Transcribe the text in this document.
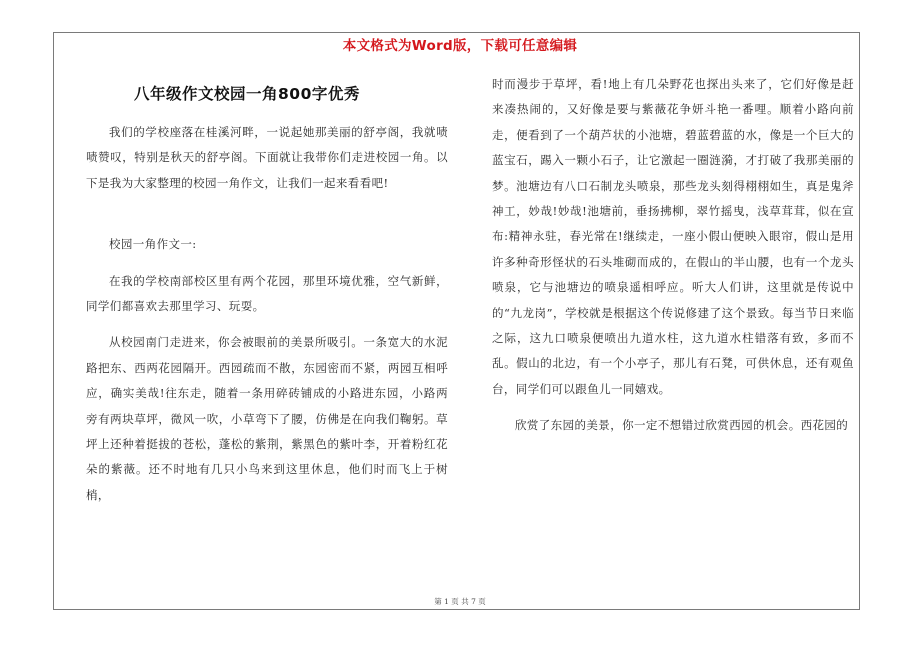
本文格式为Word版，下载可任意编辑
八年级作文校园一角800字优秀

我们的学校座落在桂溪河畔，一说起她那美丽的舒亭阁，我就啧啧赞叹，特别是秋天的舒亭阁。下面就让我带你们走进校园一角。以下是我为大家整理的校园一角作文，让我们一起来看看吧!

校园一角作文一:

在我的学校南部校区里有两个花园，那里环境优雅，空气新鲜，同学们都喜欢去那里学习、玩耍。

从校园南门走进来，你会被眼前的美景所吸引。一条宽大的水泥路把东、西两花园隔开。西园疏而不散，东园密而不紧，两园互相呼应，确实美哉!往东走，随着一条用碎砖铺成的小路进东园，小路两旁有两块草坪，微风一吹，小草弯下了腰，仿佛是在向我们鞠躬。草坪上还种着挺拔的苍松，蓬松的紫荆，紫黑色的紫叶李，开着粉红花朵的紫薇。还不时地有几只小鸟来到这里休息，他们时而飞上于树梢，

时而漫步于草坪，看!地上有几朵野花也探出头来了，它们好像是赶来凑热闹的，又好像是要与紫薇花争妍斗艳一番哩。顺着小路向前走，便看到了一个葫芦状的小池塘，碧蓝碧蓝的水，像是一个巨大的蓝宝石，踢入一颗小石子，让它激起一圈涟漪，才打破了我那美丽的梦。池塘边有八口石制龙头喷泉，那些龙头刻得栩栩如生，真是鬼斧神工，妙哉!妙哉!池塘前，垂扬拂柳，翠竹摇曳，浅草茸茸，似在宣布:精神永驻，春光常在!继续走，一座小假山便映入眼帘，假山是用许多种奇形怪状的石头堆砌而成的，在假山的半山腰，也有一个龙头喷泉，它与池塘边的喷泉遥相呼应。听大人们讲，这里就是传说中的“九龙岗”，学校就是根据这个传说修建了这个景致。每当节日来临之际，这九口喷泉便喷出九道水柱，这九道水柱错落有致，多而不乱。假山的北边，有一个小亭子，那儿有石凳，可供休息，还有观鱼台，同学们可以跟鱼儿一同嬉戏。

欣赏了东园的美景，你一定不想错过欣赏西园的机会。西花园的

第 1 页 共 7 页
